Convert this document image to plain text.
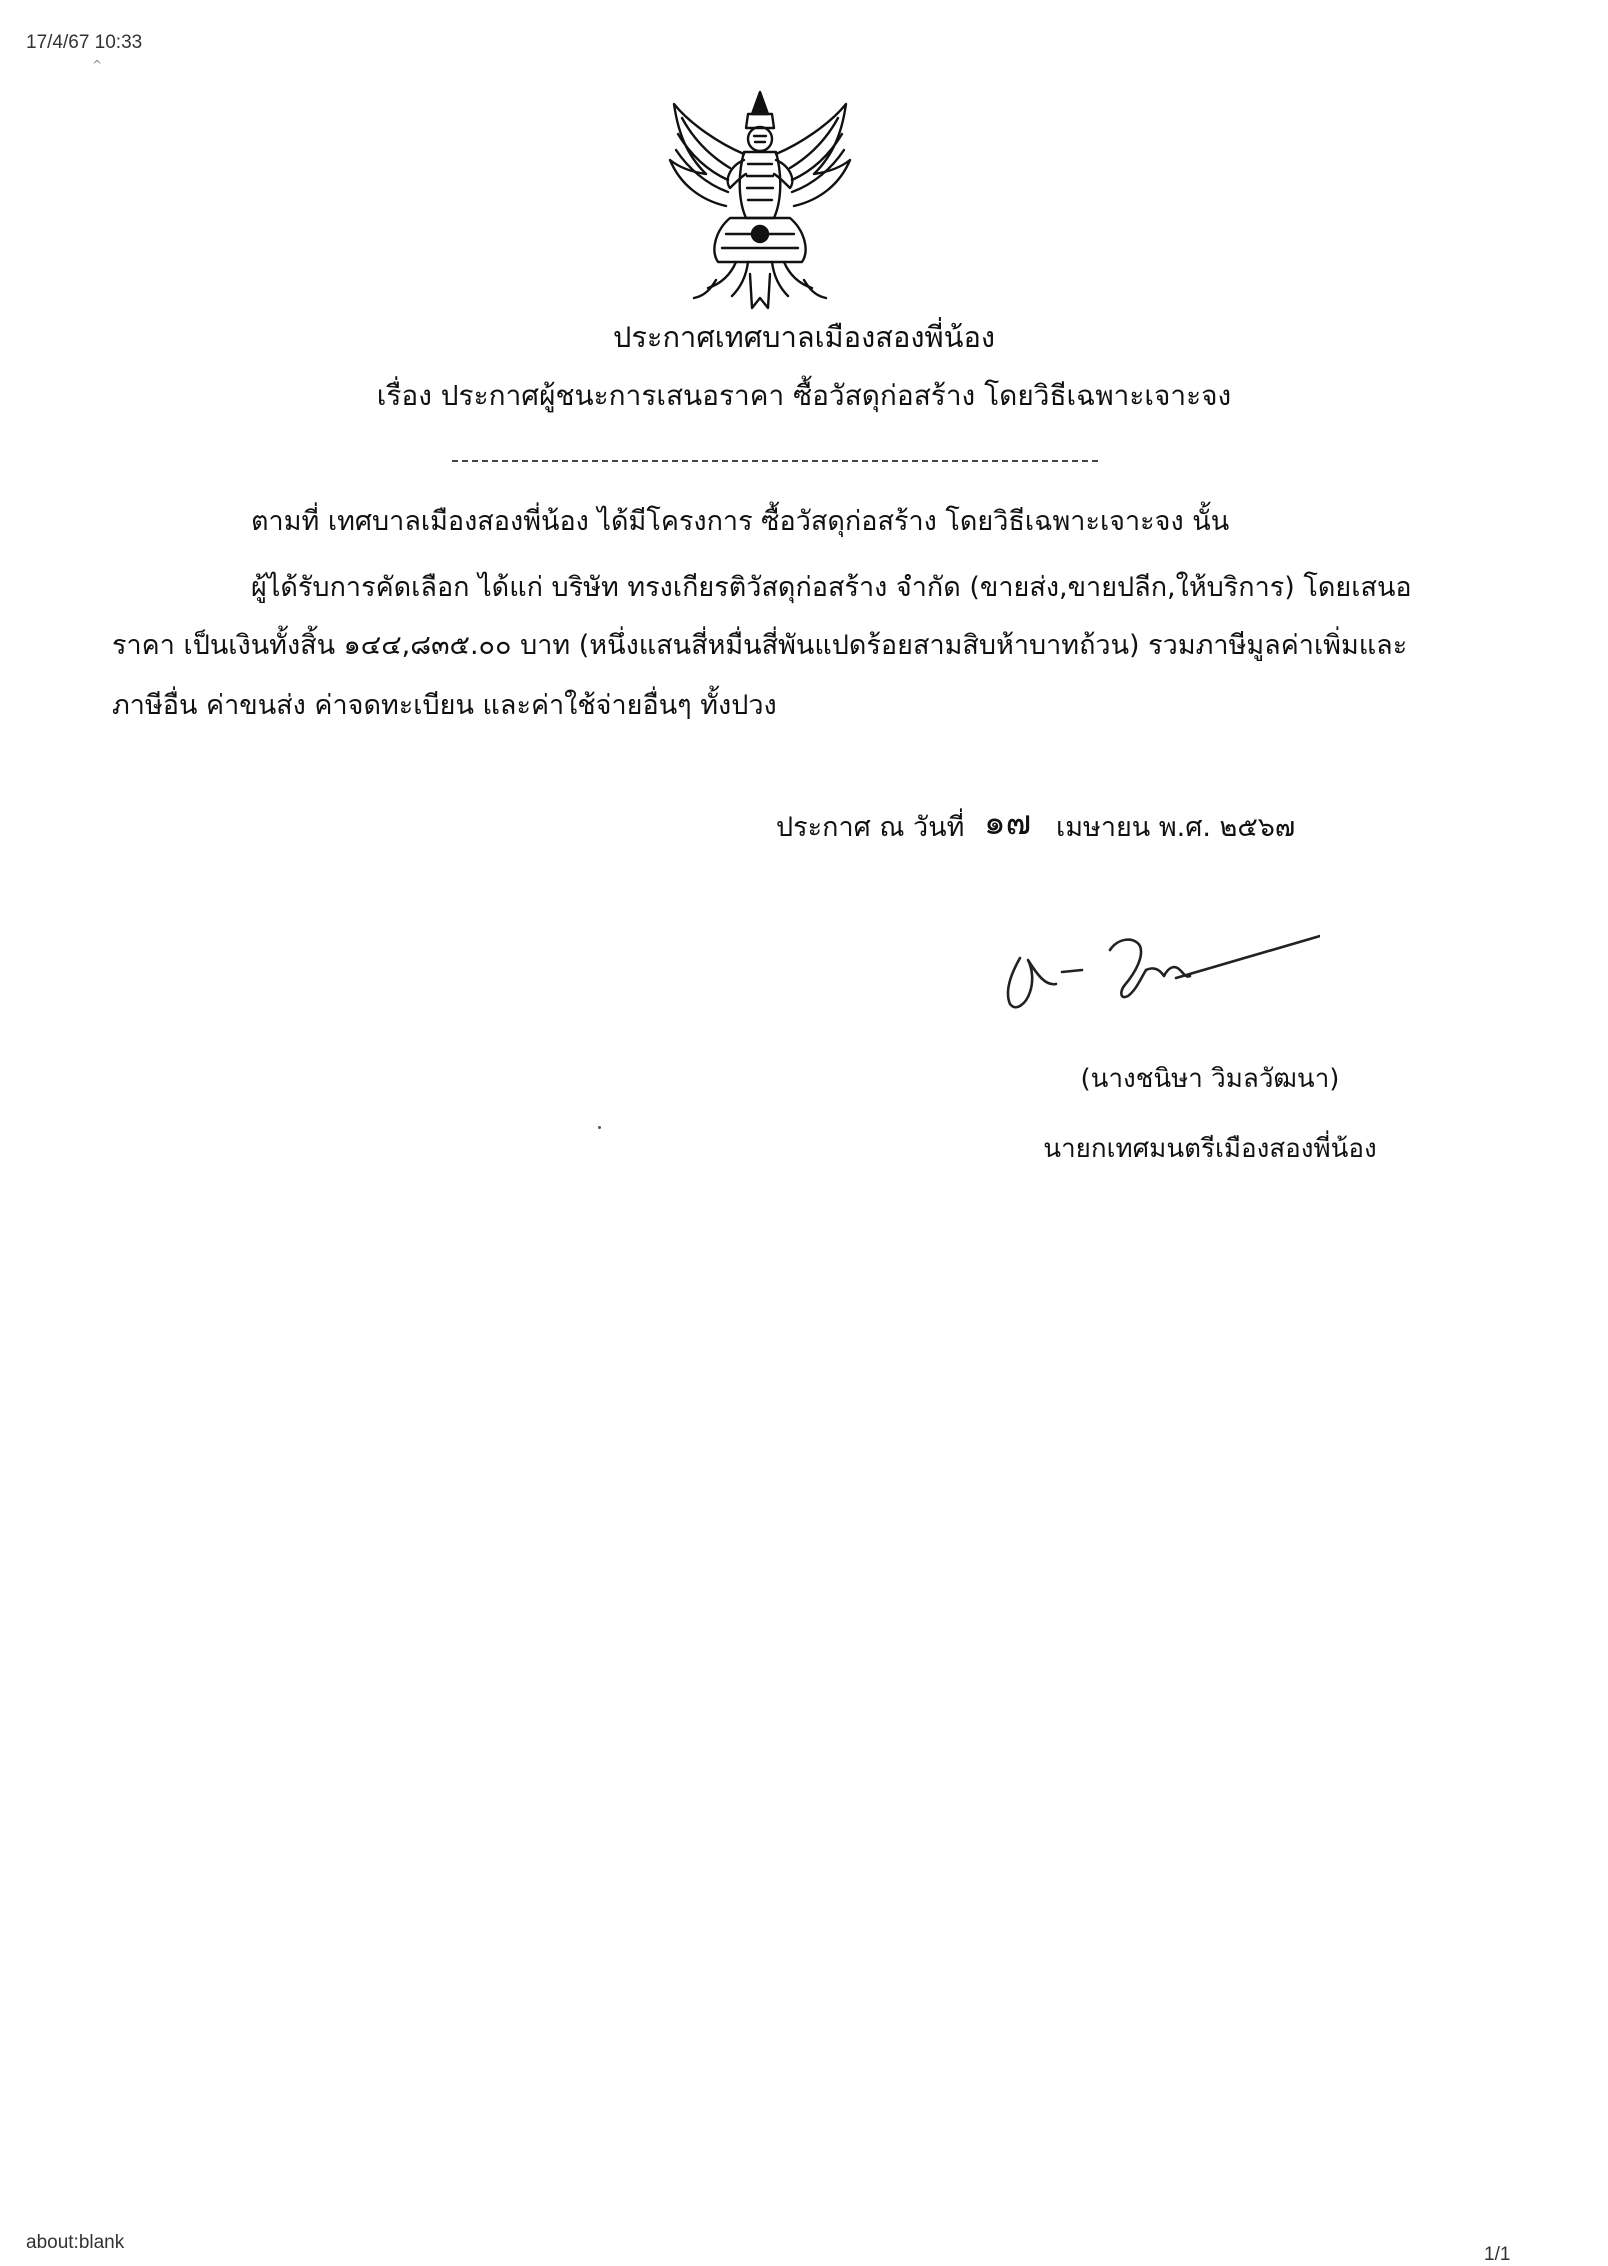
17/4/67 10:33
^
ประกาศเทศบาลเมืองสองพี่น้อง
เรื่อง ประกาศผู้ชนะการเสนอราคา ซื้อวัสดุก่อสร้าง โดยวิธีเฉพาะเจาะจง
ตามที่ เทศบาลเมืองสองพี่น้อง ได้มีโครงการ ซื้อวัสดุก่อสร้าง โดยวิธีเฉพาะเจาะจง นั้น
ผู้ได้รับการคัดเลือก ได้แก่ บริษัท ทรงเกียรติวัสดุก่อสร้าง จำกัด (ขายส่ง,ขายปลีก,ให้บริการ) โดยเสนอ
ราคา เป็นเงินทั้งสิ้น ๑๔๔,๘๓๕.๐๐ บาท (หนึ่งแสนสี่หมื่นสี่พันแปดร้อยสามสิบห้าบาทถ้วน) รวมภาษีมูลค่าเพิ่มและ
ภาษีอื่น ค่าขนส่ง ค่าจดทะเบียน และค่าใช้จ่ายอื่นๆ ทั้งปวง
ประกาศ ณ วันที่ ๑๗ เมษายน พ.ศ. ๒๕๖๗
(นางชนิษา วิมลวัฒนา)
นายกเทศมนตรีเมืองสองพี่น้อง
about:blank
1/1
